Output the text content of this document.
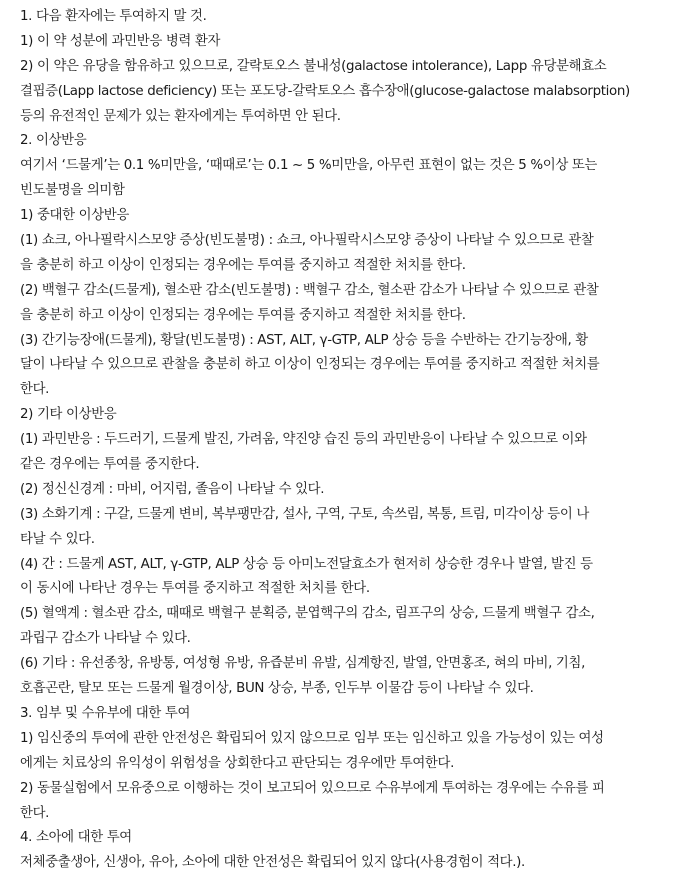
1. 다음 환자에는 투여하지 말 것.
1) 이 약 성분에 과민반응 병력 환자
2) 이 약은 유당을 함유하고 있으므로, 갈락토오스 불내성(galactose intolerance), Lapp 유당분해효소
결핍증(Lapp lactose deficiency) 또는 포도당-갈락토오스 흡수장애(glucose-galactose malabsorption)
등의 유전적인 문제가 있는 환자에게는 투여하면 안 된다.
2. 이상반응
여기서 ‘드물게’는 0.1 %미만을, ‘때때로’는 0.1 ~ 5 %미만을, 아무런 표현이 없는 것은 5 %이상 또는
빈도불명을 의미함
1) 중대한 이상반응
(1) 쇼크, 아나필락시스모양 증상(빈도불명) : 쇼크, 아나필락시스모양 증상이 나타날 수 있으므로 관찰
을 충분히 하고 이상이 인정되는 경우에는 투여를 중지하고 적절한 처치를 한다.
(2) 백혈구 감소(드물게), 혈소판 감소(빈도불명) : 백혈구 감소, 혈소판 감소가 나타날 수 있으므로 관찰
을 충분히 하고 이상이 인정되는 경우에는 투여를 중지하고 적절한 처치를 한다.
(3) 간기능장애(드물게), 황달(빈도불명) : AST, ALT, γ-GTP, ALP 상승 등을 수반하는 간기능장애, 황
달이 나타날 수 있으므로 관찰을 충분히 하고 이상이 인정되는 경우에는 투여를 중지하고 적절한 처치를
한다.
2) 기타 이상반응
(1) 과민반응 : 두드러기, 드물게 발진, 가려움, 약진양 습진 등의 과민반응이 나타날 수 있으므로 이와
같은 경우에는 투여를 중지한다.
(2) 정신신경계 : 마비, 어지럼, 졸음이 나타날 수 있다.
(3) 소화기계 : 구갈, 드물게 변비, 복부팽만감, 설사, 구역, 구토, 속쓰림, 복통, 트림, 미각이상 등이 나
타날 수 있다.
(4) 간 : 드물게 AST, ALT, γ-GTP, ALP 상승 등 아미노전달효소가 현저히 상승한 경우나 발열, 발진 등
이 동시에 나타난 경우는 투여를 중지하고 적절한 처치를 한다.
(5) 혈액계 : 혈소판 감소, 때때로 백혈구 분획증, 분엽핵구의 감소, 림프구의 상승, 드물게 백혈구 감소,
과립구 감소가 나타날 수 있다.
(6) 기타 : 유선종창, 유방통, 여성형 유방, 유즙분비 유발, 심계항진, 발열, 안면홍조, 혀의 마비, 기침,
호흡곤란, 탈모 또는 드물게 월경이상, BUN 상승, 부종, 인두부 이물감 등이 나타날 수 있다.
3. 임부 및 수유부에 대한 투여
1) 임신중의 투여에 관한 안전성은 확립되어 있지 않으므로 임부 또는 임신하고 있을 가능성이 있는 여성
에게는 치료상의 유익성이 위험성을 상회한다고 판단되는 경우에만 투여한다.
2) 동물실험에서 모유중으로 이행하는 것이 보고되어 있으므로 수유부에게 투여하는 경우에는 수유를 피
한다.
4. 소아에 대한 투여
저체중출생아, 신생아, 유아, 소아에 대한 안전성은 확립되어 있지 않다(사용경험이 적다.).
